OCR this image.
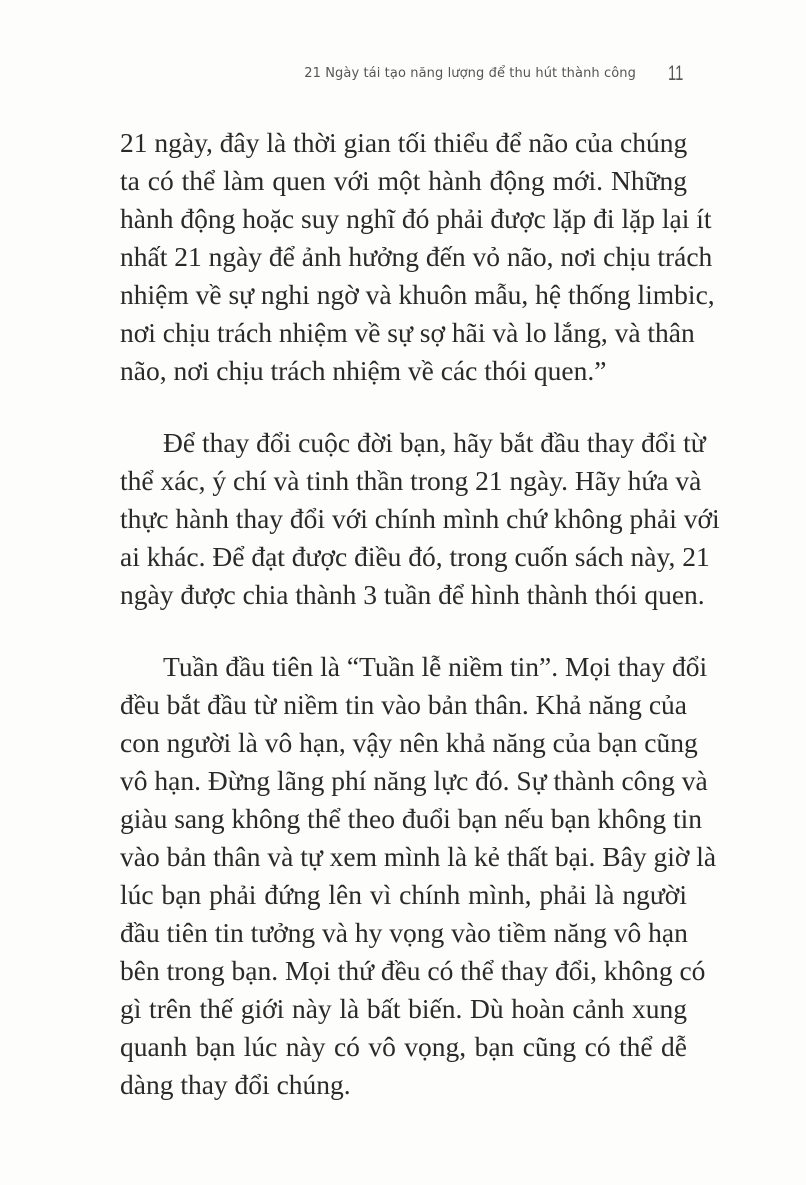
21 Ngày tái tạo năng lượng để thu hút thành công 11
21 ngày, đây là thời gian tối thiểu để não của chúng
ta có thể làm quen với một hành động mới. Những
hành động hoặc suy nghĩ đó phải được lặp đi lặp lại ít
nhất 21 ngày để ảnh hưởng đến vỏ não, nơi chịu trách
nhiệm về sự nghi ngờ và khuôn mẫu, hệ thống limbic,
nơi chịu trách nhiệm về sự sợ hãi và lo lắng, và thân
não, nơi chịu trách nhiệm về các thói quen.”
Để thay đổi cuộc đời bạn, hãy bắt đầu thay đổi từ
thể xác, ý chí và tinh thần trong 21 ngày. Hãy hứa và
thực hành thay đổi với chính mình chứ không phải với
ai khác. Để đạt được điều đó, trong cuốn sách này, 21
ngày được chia thành 3 tuần để hình thành thói quen.
Tuần đầu tiên là “Tuần lễ niềm tin”. Mọi thay đổi
đều bắt đầu từ niềm tin vào bản thân. Khả năng của
con người là vô hạn, vậy nên khả năng của bạn cũng
vô hạn. Đừng lãng phí năng lực đó. Sự thành công và
giàu sang không thể theo đuổi bạn nếu bạn không tin
vào bản thân và tự xem mình là kẻ thất bại. Bây giờ là
lúc bạn phải đứng lên vì chính mình, phải là người
đầu tiên tin tưởng và hy vọng vào tiềm năng vô hạn
bên trong bạn. Mọi thứ đều có thể thay đổi, không có
gì trên thế giới này là bất biến. Dù hoàn cảnh xung
quanh bạn lúc này có vô vọng, bạn cũng có thể dễ
dàng thay đổi chúng.
